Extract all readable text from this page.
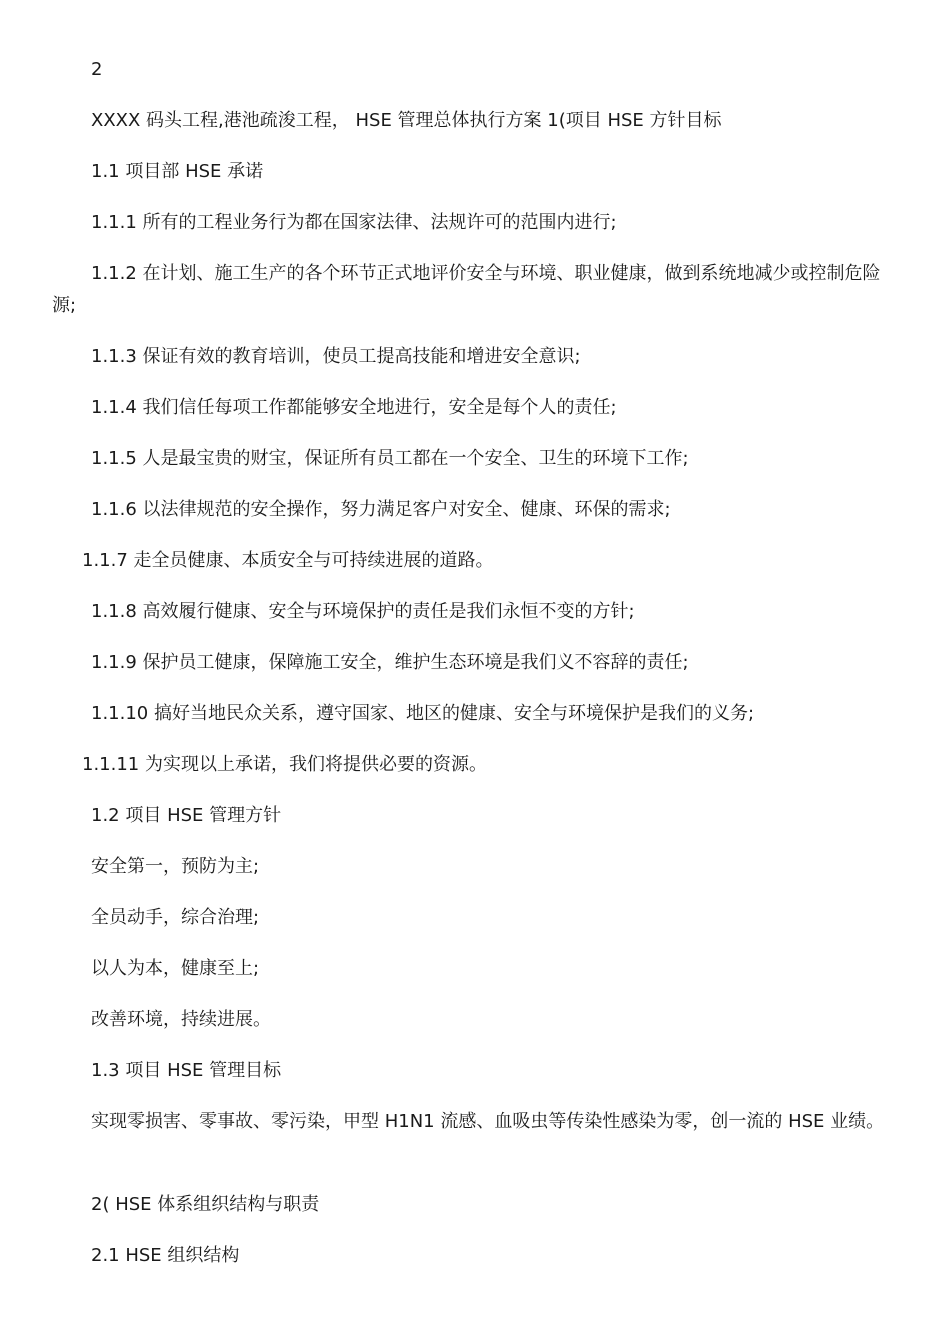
2

XXXX 码头工程,港池疏浚工程， HSE 管理总体执行方案 1(项目 HSE 方针目标

1.1 项目部 HSE 承诺

1.1.1 所有的工程业务行为都在国家法律、法规许可的范围内进行;

1.1.2 在计划、施工生产的各个环节正式地评价安全与环境、职业健康，做到系统地减少或控制危险源;

1.1.3 保证有效的教育培训，使员工提高技能和增进安全意识;

1.1.4 我们信任每项工作都能够安全地进行，安全是每个人的责任;

1.1.5 人是最宝贵的财宝，保证所有员工都在一个安全、卫生的环境下工作;

1.1.6 以法律规范的安全操作，努力满足客户对安全、健康、环保的需求;

1.1.7 走全员健康、本质安全与可持续进展的道路。

1.1.8 高效履行健康、安全与环境保护的责任是我们永恒不变的方针;

1.1.9 保护员工健康，保障施工安全，维护生态环境是我们义不容辞的责任;

1.1.10 搞好当地民众关系，遵守国家、地区的健康、安全与环境保护是我们的义务;

1.1.11 为实现以上承诺，我们将提供必要的资源。

1.2 项目 HSE 管理方针

安全第一，预防为主;

全员动手，综合治理;

以人为本，健康至上;

改善环境，持续进展。

1.3 项目 HSE 管理目标

实现零损害、零事故、零污染，甲型 H1N1 流感、血吸虫等传染性感染为零，创一流的 HSE 业绩。

2( HSE 体系组织结构与职责

2.1 HSE 组织结构
